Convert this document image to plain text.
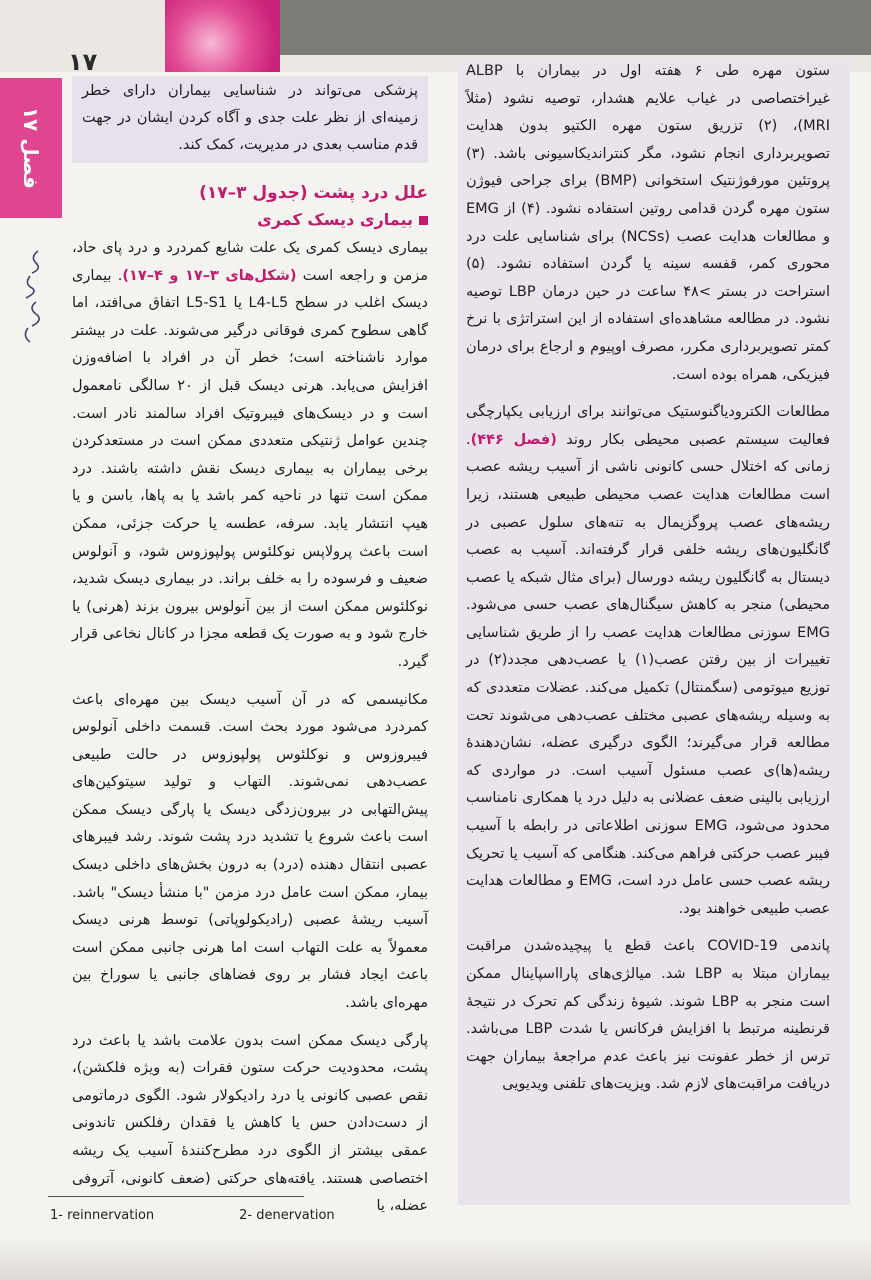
۱۷
فصل ۱۷

پزشکی می‌تواند در شناسایی بیماران دارای خطر زمینه‌ای از نظر علت جدی و آگاه کردن ایشان در جهت قدم مناسب بعدی در مدیریت، کمک کند.

علل درد پشت (جدول ۳–۱۷)
بیماری دیسک کمری

بیماری دیسک کمری یک علت شایع کمردرد و درد پای حاد، مزمن و راجعه است (شکل‌های ۳–۱۷ و ۴–۱۷). بیماری دیسک اغلب در سطح L4-L5 یا L5-S1 اتفاق می‌افتد، اما گاهی سطوح کمری فوقانی درگیر می‌شوند. علت در بیشتر موارد ناشناخته است؛ خطر آن در افراد با اضافه‌وزن افزایش می‌یابد. هرنی دیسک قبل از ۲۰ سالگی نامعمول است و در دیسک‌های فیبروتیک افراد سالمند نادر است. چندین عوامل ژنتیکی متعددی ممکن است در مستعدکردن برخی بیماران به بیماری دیسک نقش داشته باشند. درد ممکن است تنها در ناحیه کمر باشد یا به پاها، باسن و یا هیپ انتشار یابد. سرفه، عطسه یا حرکت جزئی، ممکن است باعث پرولاپس نوکلئوس پولپوزوس شود، و آنولوس ضعیف و فرسوده را به خلف براند. در بیماری دیسک شدید، نوکلئوس ممکن است از بین آنولوس بیرون بزند (هرنی) یا خارج شود و به صورت یک قطعه مجزا در کانال نخاعی قرار گیرد.

مکانیسمی که در آن آسیب دیسک بین مهره‌ای باعث کمردرد می‌شود مورد بحث است. قسمت داخلی آنولوس فیبروزوس و نوکلئوس پولپوزوس در حالت طبیعی عصب‌دهی نمی‌شوند. التهاب و تولید سیتوکین‌های پیش‌التهابی در بیرون‌زدگی دیسک یا پارگی دیسک ممکن است باعث شروع یا تشدید درد پشت شوند. رشد فیبرهای عصبی انتقال دهنده (درد) به درون بخش‌های داخلی دیسک بیمار، ممکن است عامل درد مزمن "با منشأ دیسک" باشد. آسیب ریشهٔ عصبی (رادیکولوپاتی) توسط هرنی دیسک معمولاً به علت التهاب است اما هرنی جانبی ممکن است باعث ایجاد فشار بر روی فضاهای جانبی یا سوراخ بین مهره‌ای باشد.

پارگی دیسک ممکن است بدون علامت باشد یا باعث درد پشت، محدودیت حرکت ستون فقرات (به ویژه فلکشن)، نقص عصبی کانونی یا درد رادیکولار شود. الگوی درماتومی از دست‌دادن حس یا کاهش یا فقدان رفلکس تاندونی عمقی بیشتر از الگوی درد مطرح‌کنندهٔ آسیب یک ریشه اختصاصی هستند. یافته‌های حرکتی (ضعف کانونی، آتروفی عضله، یا

ستون مهره طی ۶ هفته اول در بیماران با ALBP غیراختصاصی در غیاب علایم هشدار، توصیه نشود (مثلاً MRI)، (۲) تزریق ستون مهره الکتیو بدون هدایت تصویربرداری انجام نشود، مگر کنتراندیکاسیونی باشد. (۳) پروتئین مورفوژنتیک استخوانی (BMP) برای جراحی فیوژن ستون مهره گردن قدامی روتین استفاده نشود. (۴) از EMG و مطالعات هدایت عصب (NCSs) برای شناسایی علت درد محوری کمر، قفسه سینه یا گردن استفاده نشود. (۵) استراحت در بستر >۴۸ ساعت در حین درمان LBP توصیه نشود. در مطالعه مشاهده‌ای استفاده از این استراتژی با نرخ کمتر تصویربرداری مکرر، مصرف اوپیوم و ارجاع برای درمان فیزیکی، همراه بوده است.

مطالعات الکترودیاگنوستیک می‌توانند برای ارزیابی یکپارچگی فعالیت سیستم عصبی محیطی بکار روند (فصل ۴۴۶). زمانی که اختلال حسی کانونی ناشی از آسیب ریشه عصب است مطالعات هدایت عصب محیطی طبیعی هستند، زیرا ریشه‌های عصب پروگزیمال به تنه‌های سلول عصبی در گانگلیون‌های ریشه خلفی قرار گرفته‌اند. آسیب به عصب دیستال به گانگلیون ریشه دورسال (برای مثال شبکه یا عصب محیطی) منجر به کاهش سیگنال‌های عصب حسی می‌شود. EMG سوزنی مطالعات هدایت عصب را از طریق شناسایی تغییرات از بین رفتن عصب(۱) یا عصب‌دهی مجدد(۲) در توزیع میوتومی (سگمنتال) تکمیل می‌کند. عضلات متعددی که به وسیله ریشه‌های عصبی مختلف عصب‌دهی می‌شوند تحت مطالعه قرار می‌گیرند؛ الگوی درگیری عضله، نشان‌دهندهٔ ریشه(ها)ی عصب مسئول آسیب است. در مواردی که ارزیابی بالینی ضعف عضلانی به دلیل درد یا همکاری نامناسب محدود می‌شود، EMG سوزنی اطلاعاتی در رابطه با آسیب فیبر عصب حرکتی فراهم می‌کند. هنگامی که آسیب یا تحریک ریشه عصب حسی عامل درد است، EMG و مطالعات هدایت عصب طبیعی خواهند بود.

پاندمی COVID-19 باعث قطع یا پیچیده‌شدن مراقبت بیماران مبتلا به LBP شد. میالژی‌های پارااسپاینال ممکن است منجر به LBP شوند. شیوهٔ زندگی کم تحرک در نتیجهٔ قرنطینه مرتبط با افزایش فرکانس یا شدت LBP می‌باشد. ترس از خطر عفونت نیز باعث عدم مراجعهٔ بیماران جهت دریافت مراقبت‌های لازم شد. ویزیت‌های تلفنی ویدیویی

1- reinnervation	2- denervation
